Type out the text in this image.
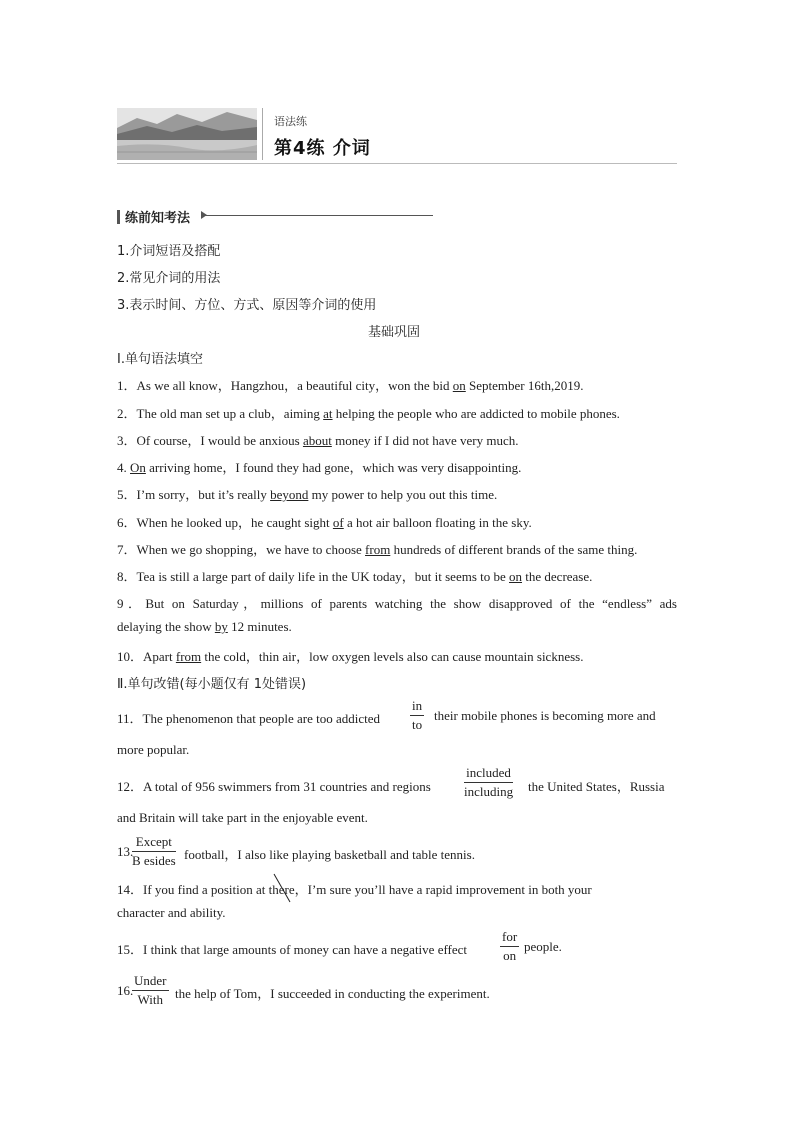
语法练
第4练 介词
练前知考法
1.介词短语及搭配
2.常见介词的用法
3.表示时间、方位、方式、原因等介词的使用
基础巩固
Ⅰ.单句语法填空
1．As we all know，Hangzhou，a beautiful city，won the bid on September 16th,2019.
2．The old man set up a club，aiming at helping the people who are addicted to mobile phones.
3．Of course，I would be anxious about money if I did not have very much.
4. On arriving home，I found they had gone，which was very disappointing.
5．I’m sorry，but it’s really beyond my power to help you out this time.
6．When he looked up，he caught sight of a hot air balloon floating in the sky.
7．When we go shopping，we have to choose from hundreds of different brands of the same thing.
8．Tea is still a large part of daily life in the UK today，but it seems to be on the decrease.
9．But on Saturday，millions of parents watching the show disapproved of the “endless” ads
delaying the show by 12 minutes.
10．Apart from the cold，thin air，low oxygen levels also can cause mountain sickness.
Ⅱ.单句改错(每小题仅有 1处错误)
11．The phenomenon that people are too addicted $\frac{in}{to}$ their mobile phones is becoming more and
more popular.
12．A total of 956 swimmers from 31 countries and regions
included
including the United States，Russia
and Britain will take part in the enjoyable event.
13.
Except
B esides football，I also like playing basketball and table tennis.
14．If you find a position at there，I’m sure you’ll have a rapid improvement in both your
character and ability.
15．I think that large amounts of money can have a negative effect
for
on
people.
16.
Under
With the help of Tom，I succeeded in conducting the experiment.
